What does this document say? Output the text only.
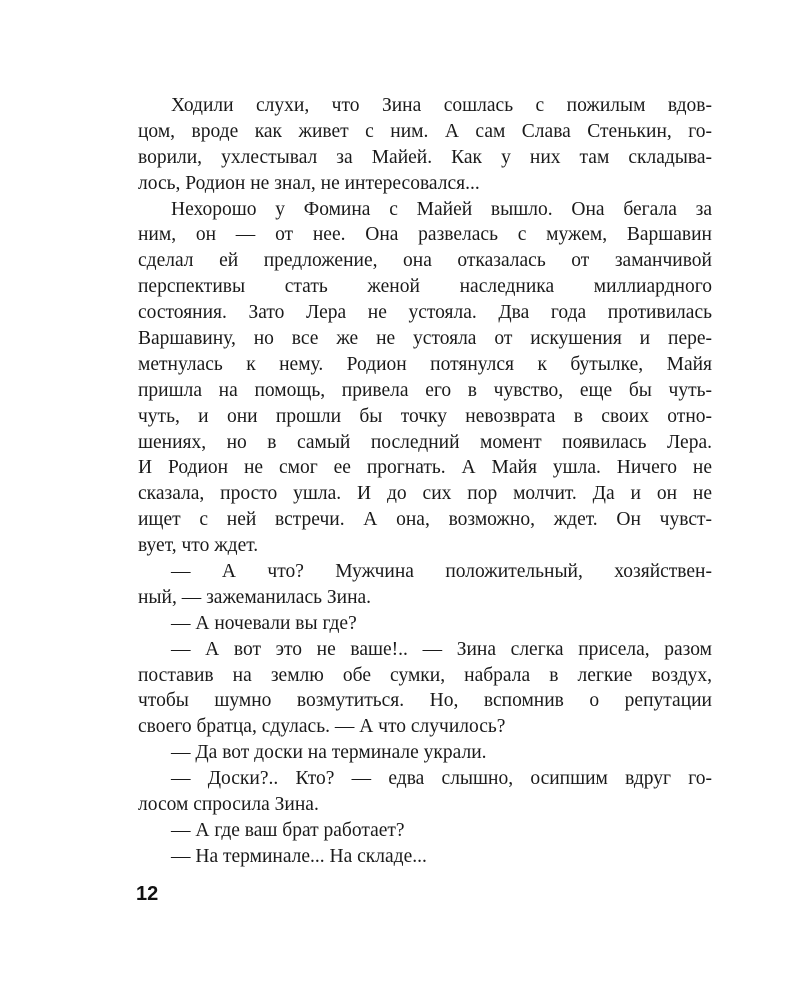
Ходили слухи, что Зина сошлась с пожилым вдов-
цом, вроде как живет с ним. А сам Слава Стенькин, го-
ворили, ухлестывал за Майей. Как у них там складыва-
лось, Родион не знал, не интересовался...
Нехорошо у Фомина с Майей вышло. Она бегала за
ним, он — от нее. Она развелась с мужем, Варшавин
сделал ей предложение, она отказалась от заманчивой
перспективы стать женой наследника миллиардного
состояния. Зато Лера не устояла. Два года противилась
Варшавину, но все же не устояла от искушения и пере-
метнулась к нему. Родион потянулся к бутылке, Майя
пришла на помощь, привела его в чувство, еще бы чуть-
чуть, и они прошли бы точку невозврата в своих отно-
шениях, но в самый последний момент появилась Лера.
И Родион не смог ее прогнать. А Майя ушла. Ничего не
сказала, просто ушла. И до сих пор молчит. Да и он не
ищет с ней встречи. А она, возможно, ждет. Он чувст-
вует, что ждет.
— А что? Мужчина положительный, хозяйствен-
ный, — зажеманилась Зина.
— А ночевали вы где?
— А вот это не ваше!.. — Зина слегка присела, разом
поставив на землю обе сумки, набрала в легкие воздух,
чтобы шумно возмутиться. Но, вспомнив о репутации
своего братца, сдулась. — А что случилось?
— Да вот доски на терминале украли.
— Доски?.. Кто? — едва слышно, осипшим вдруг го-
лосом спросила Зина.
— А где ваш брат работает?
— На терминале... На складе...
12
